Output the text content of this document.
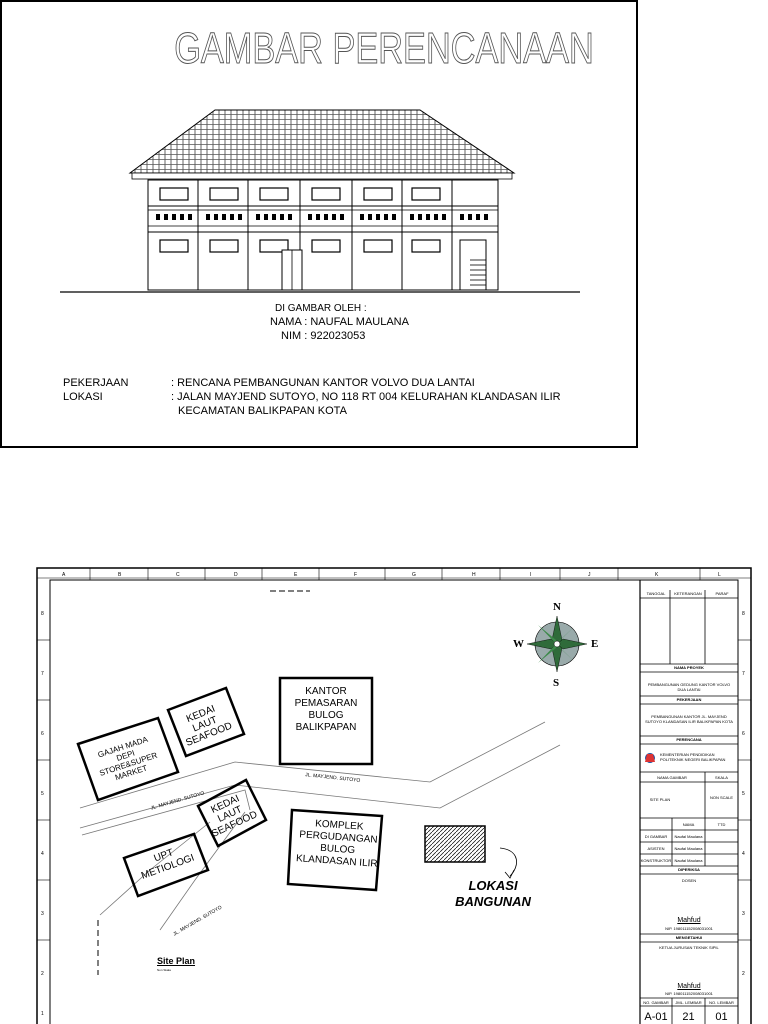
GAMBAR PERENCANAAN
DI GAMBAR OLEH :
NAMA : NAUFAL MAULANA
NIM : 922023053
PEKERJAAN	: RENCANA PEMBANGUNAN KANTOR VOLVO DUA LANTAI
LOKASI	: JALAN MAYJEND SUTOYO, NO 118 RT 004 KELURAHAN KLANDASAN ILIR
KECAMATAN BALIKPAPAN KOTA
A	B	C	D	E	F	G	H	I	J	K	L
8
7
6
5
4
3
2
1
8
7
6
5
4
3
2
N
S
W	E
GAJAH MADA DEPI STORE&SUPER MARKET
KEDAI LAUT SEAFOOD
KANTOR PEMASARAN BULOG BALIKPAPAN
UPT METIOLOGI
KEDAI LAUT SEAFOOD	KOMPLEK PERGUDANGAN BULOG KLANDASAN ILIR
JL. MAYJEND. SUTOYO
JL. MAYJEND. SUTOYO
JL. MAYJEND. SUTOYO
LOKASI BANGUNAN
Site Plan
Non Skala
TANGGAL	KETERANGAN	PARAF
NAMA PROYEK
PEMBANGUNAN GEDUNG KANTOR VOLVO DUA LANTAI
PEKERJAAN
PEMBANGUNAN KANTOR JL. MAYJEND SUTOYO KLANDASAN ILIR BALIKPAPAN KOTA
PERENCANA
KEMENTERIAN PENDIDIKAN POLITEKNIK NEGERI BALIKPAPAN
NAMA GAMBAR	SKALA
SITE PLAN	NON SCALE
NAMA	TTD
DI GAMBAR	Naufal Maulana
ASISTEN	Naufal Maulana
KONSTRUKTOR Naufal Maulana
DIPERIKSA
DOSEN
Mahfud
NIP. 198011152008031001
MENGETAHUI
KETUA JURUSAN TEKNIK SIPIL
Mahfud
NIP. 198011152008031001
NO. GAMBAR	JML. LEMBAR	NO. LEMBAR
A-01	21	01
